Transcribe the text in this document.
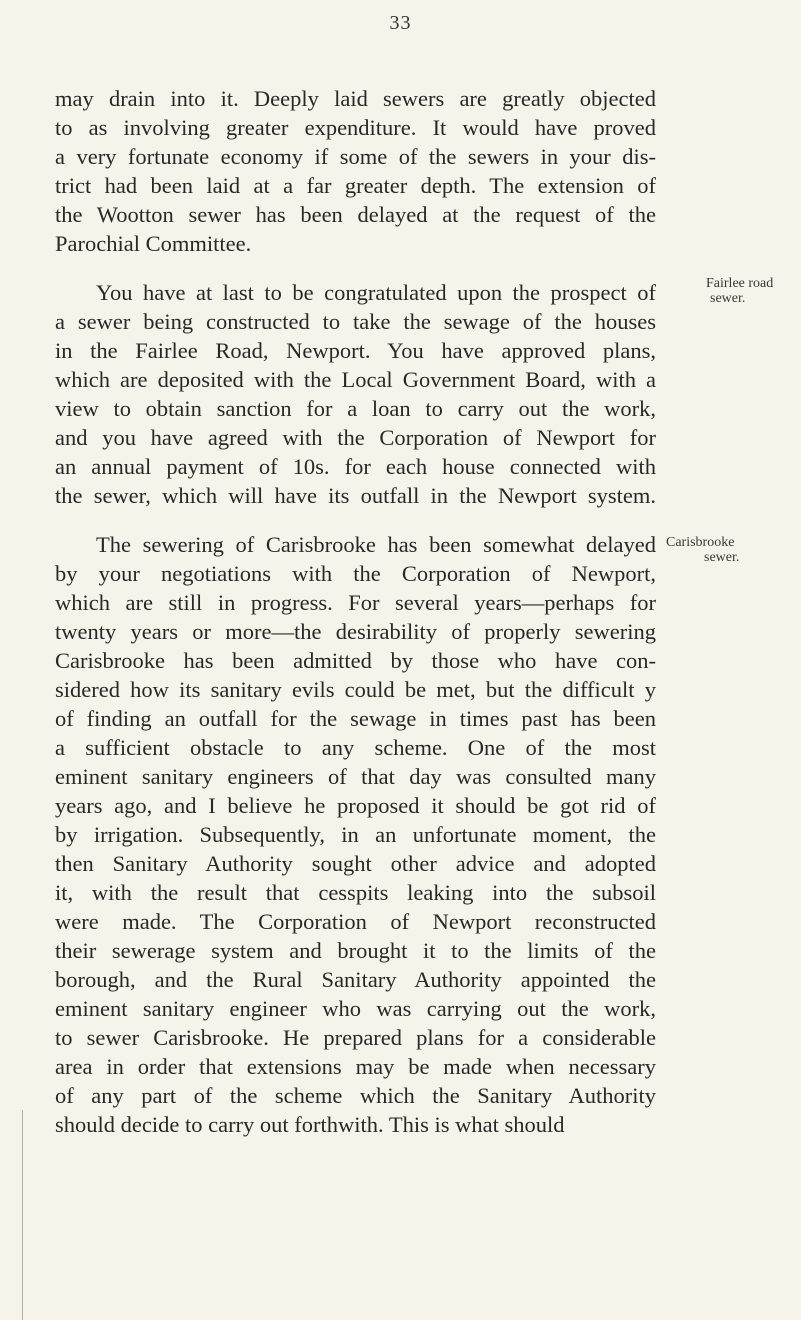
33
may drain into it. Deeply laid sewers are greatly objected
to as involving greater expenditure. It would have proved
a very fortunate economy if some of the sewers in your dis-
trict had been laid at a far greater depth. The extension of
the Wootton sewer has been delayed at the request of the
Parochial Committee.
You have at last to be congratulated upon the prospect of
a sewer being constructed to take the sewage of the houses
in the Fairlee Road, Newport. You have approved plans,
which are deposited with the Local Government Board, with a
view to obtain sanction for a loan to carry out the work,
and you have agreed with the Corporation of Newport for
an annual payment of 10s. for each house connected with
the sewer, which will have its outfall in the Newport system.
The sewering of Carisbrooke has been somewhat delayed
by your negotiations with the Corporation of Newport,
which are still in progress. For several years—perhaps for
twenty years or more—the desirability of properly sewering
Carisbrooke has been admitted by those who have con-
sidered how its sanitary evils could be met, but the difficult y
of finding an outfall for the sewage in times past has been
a sufficient obstacle to any scheme. One of the most
eminent sanitary engineers of that day was consulted many
years ago, and I believe he proposed it should be got rid of
by irrigation. Subsequently, in an unfortunate moment, the
then Sanitary Authority sought other advice and adopted
it, with the result that cesspits leaking into the subsoil
were made. The Corporation of Newport reconstructed
their sewerage system and brought it to the limits of the
borough, and the Rural Sanitary Authority appointed the
eminent sanitary engineer who was carrying out the work,
to sewer Carisbrooke. He prepared plans for a considerable
area in order that extensions may be made when necessary
of any part of the scheme which the Sanitary Authority
should decide to carry out forthwith. This is what should
Fairlee road
sewer.
Carisbrooke
sewer.
